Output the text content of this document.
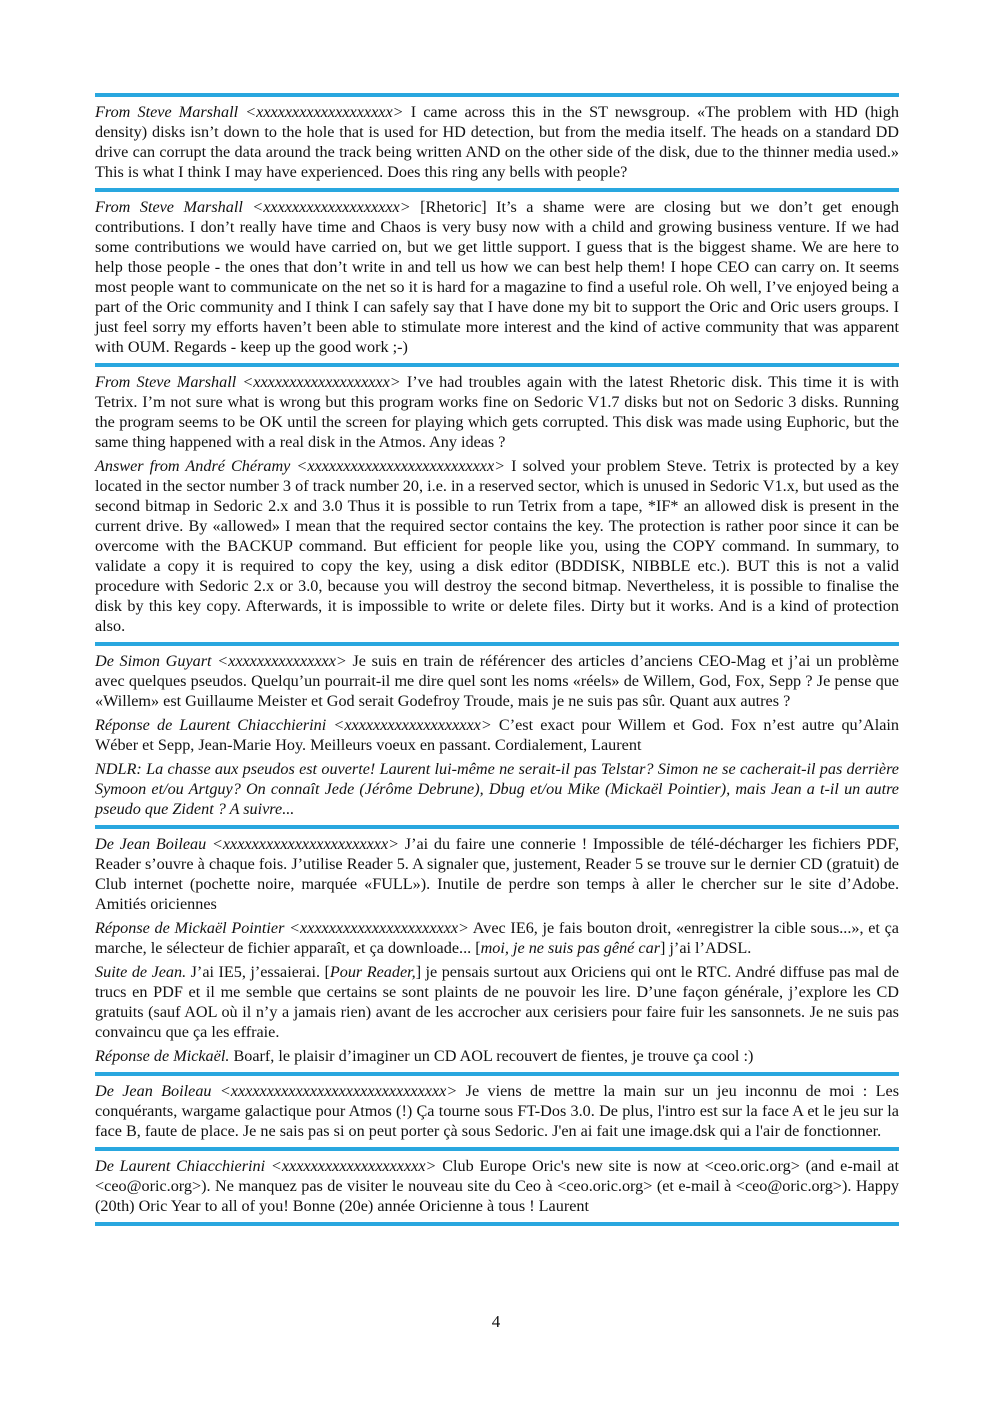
From Steve Marshall <xxxxxxxxxxxxxxxxxxx> I came across this in the ST newsgroup. «The problem with HD (high density) disks isn’t down to the hole that is used for HD detection, but from the media itself. The heads on a standard DD drive can corrupt the data around the track being written AND on the other side of the disk, due to the thinner media used.» This is what I think I may have experienced. Does this ring any bells with people?

From Steve Marshall <xxxxxxxxxxxxxxxxxxx> [Rhetoric] It’s a shame were are closing but we don’t get enough contributions. I don’t really have time and Chaos is very busy now with a child and growing business venture. If we had some contributions we would have carried on, but we get little support. I guess that is the biggest shame. We are here to help those people - the ones that don’t write in and tell us how we can best help them! I hope CEO can carry on. It seems most people want to communicate on the net so it is hard for a magazine to find a useful role. Oh well, I’ve enjoyed being a part of the Oric community and I think I can safely say that I have done my bit to support the Oric and Oric users groups. I just feel sorry my efforts haven’t been able to stimulate more interest and the kind of active community that was apparent with OUM. Regards - keep up the good work ;-)

From Steve Marshall <xxxxxxxxxxxxxxxxxxx> I’ve had troubles again with the latest Rhetoric disk. This time it is with Tetrix. I’m not sure what is wrong but this program works fine on Sedoric V1.7 disks but not on Sedoric 3 disks. Running the program seems to be OK until the screen for playing which gets corrupted. This disk was made using Euphoric, but the same thing happened with a real disk in the Atmos. Any ideas ?

Answer from André Chéramy <xxxxxxxxxxxxxxxxxxxxxxxxxx> I solved your problem Steve. Tetrix is protected by a key located in the sector number 3 of track number 20, i.e. in a reserved sector, which is unused in Sedoric V1.x, but used as the second bitmap in Sedoric 2.x and 3.0 Thus it is possible to run Tetrix from a tape, *IF* an allowed disk is present in the current drive. By «allowed» I mean that the required sector contains the key. The protection is rather poor since it can be overcome with the BACKUP command. But efficient for people like you, using the COPY command. In summary, to validate a copy it is required to copy the key, using a disk editor (BDDISK, NIBBLE etc.). BUT this is not a valid procedure with Sedoric 2.x or 3.0, because you will destroy the second bitmap. Nevertheless, it is possible to finalise the disk by this key copy. Afterwards, it is impossible to write or delete files. Dirty but it works. And is a kind of protection also.

De Simon Guyart <xxxxxxxxxxxxxxx> Je suis en train de référencer des articles d’anciens CEO-Mag et j’ai un problème avec quelques pseudos. Quelqu’un pourrait-il me dire quel sont les noms «réels» de Willem, God, Fox, Sepp ? Je pense que «Willem» est Guillaume Meister et God serait Godefroy Troude, mais je ne suis pas sûr. Quant aux autres ?

Réponse de Laurent Chiacchierini <xxxxxxxxxxxxxxxxxxx> C’est exact pour Willem et God. Fox n’est autre qu’Alain Wéber et Sepp, Jean-Marie Hoy. Meilleurs voeux en passant. Cordialement, Laurent

NDLR: La chasse aux pseudos est ouverte! Laurent lui-même ne serait-il pas Telstar? Simon ne se cacherait-il pas derrière Symoon et/ou Artguy? On connaît Jede (Jérôme Debrune), Dbug et/ou Mike (Mickaël Pointier), mais Jean a t-il un autre pseudo que Zident ? A suivre...

De Jean Boileau <xxxxxxxxxxxxxxxxxxxxxxx> J’ai du faire une connerie ! Impossible de télé-décharger les fichiers PDF, Reader s’ouvre à chaque fois. J’utilise Reader 5. A signaler que, justement, Reader 5 se trouve sur le dernier CD (gratuit) de Club internet (pochette noire, marquée «FULL»). Inutile de perdre son temps à aller le chercher sur le site d’Adobe. Amitiés oriciennes

Réponse de Mickaël Pointier <xxxxxxxxxxxxxxxxxxxxxx> Avec IE6, je fais bouton droit, «enregistrer la cible sous...», et ça marche, le sélecteur de fichier apparaît, et ça downloade... [moi, je ne suis pas gêné car] j’ai l’ADSL.

Suite de Jean. J’ai IE5, j’essaierai. [Pour Reader,] je pensais surtout aux Oriciens qui ont le RTC. André diffuse pas mal de trucs en PDF et il me semble que certains se sont plaints de ne pouvoir les lire. D’une façon générale, j’explore les CD gratuits (sauf AOL où il n’y a jamais rien) avant de les accrocher aux cerisiers pour faire fuir les sansonnets. Je ne suis pas convaincu que ça les effraie.

Réponse de Mickaël. Boarf, le plaisir d’imaginer un CD AOL recouvert de fientes, je trouve ça cool :)

De Jean Boileau <xxxxxxxxxxxxxxxxxxxxxxxxxxxxxx> Je viens de mettre la main sur un jeu inconnu de moi : Les conquérants, wargame galactique pour Atmos (!) Ça tourne sous FT-Dos 3.0. De plus, l'intro est sur la face A et le jeu sur la face B, faute de place. Je ne sais pas si on peut porter çà sous Sedoric. J'en ai fait une image.dsk qui a l'air de fonctionner.

De Laurent Chiacchierini <xxxxxxxxxxxxxxxxxxxx> Club Europe Oric's new site is now at <ceo.oric.org> (and e-mail at <ceo@oric.org>). Ne manquez pas de visiter le nouveau site du Ceo à <ceo.oric.org> (et e-mail à <ceo@oric.org>). Happy (20th) Oric Year to all of you! Bonne (20e) année Oricienne à tous ! Laurent

4
